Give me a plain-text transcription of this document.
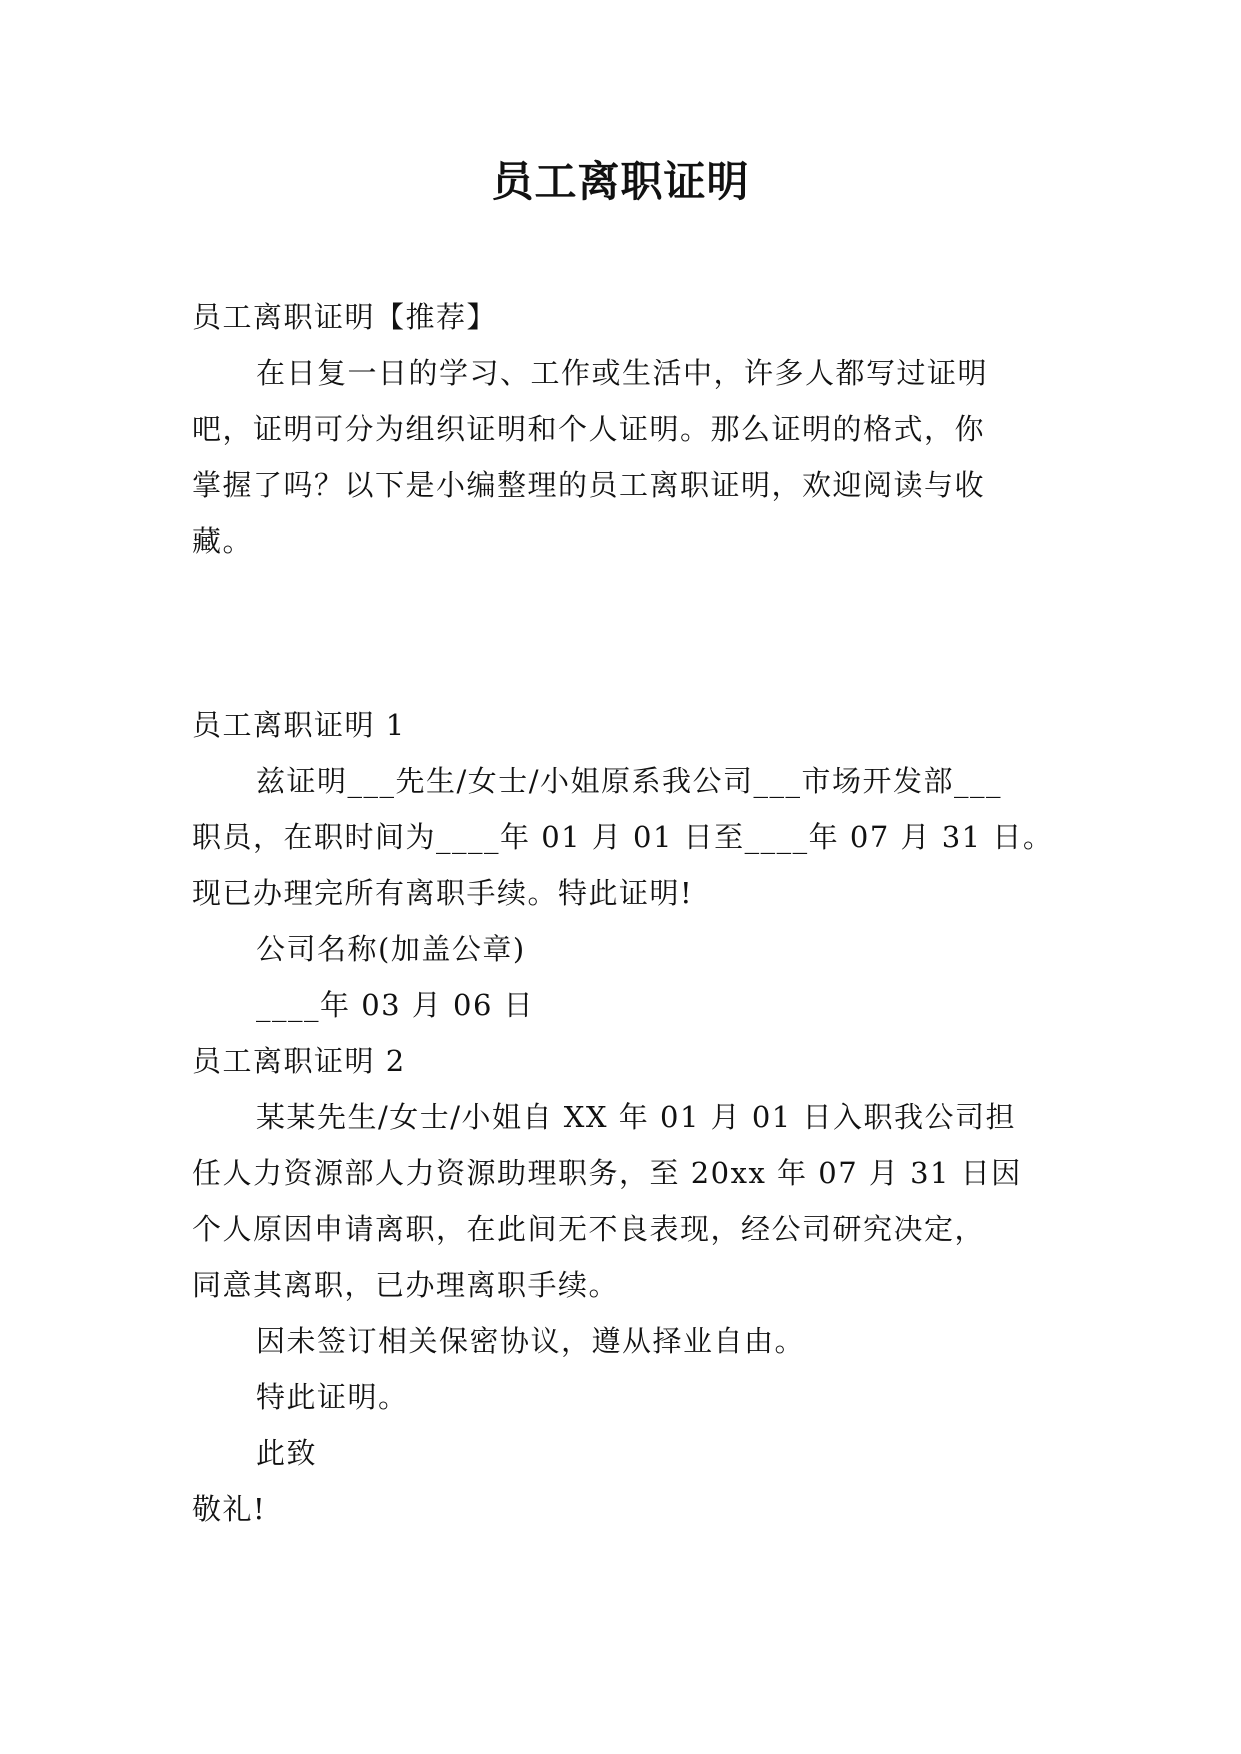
员工离职证明

员工离职证明【推荐】

在日复一日的学习、工作或生活中，许多人都写过证明

吧，证明可分为组织证明和个人证明。那么证明的格式，你

掌握了吗？以下是小编整理的员工离职证明，欢迎阅读与收

藏。

员工离职证明 1

兹证明___先生/女士/小姐原系我公司___市场开发部___

职员，在职时间为____年 01 月 01 日至____年 07 月 31 日。

现已办理完所有离职手续。特此证明!

公司名称(加盖公章)

____年 03 月 06 日

员工离职证明 2

某某先生/女士/小姐自 XX 年 01 月 01 日入职我公司担

任人力资源部人力资源助理职务，至 20xx 年 07 月 31 日因

个人原因申请离职，在此间无不良表现，经公司研究决定，

同意其离职，已办理离职手续。

因未签订相关保密协议，遵从择业自由。

特此证明。

此致

敬礼!
